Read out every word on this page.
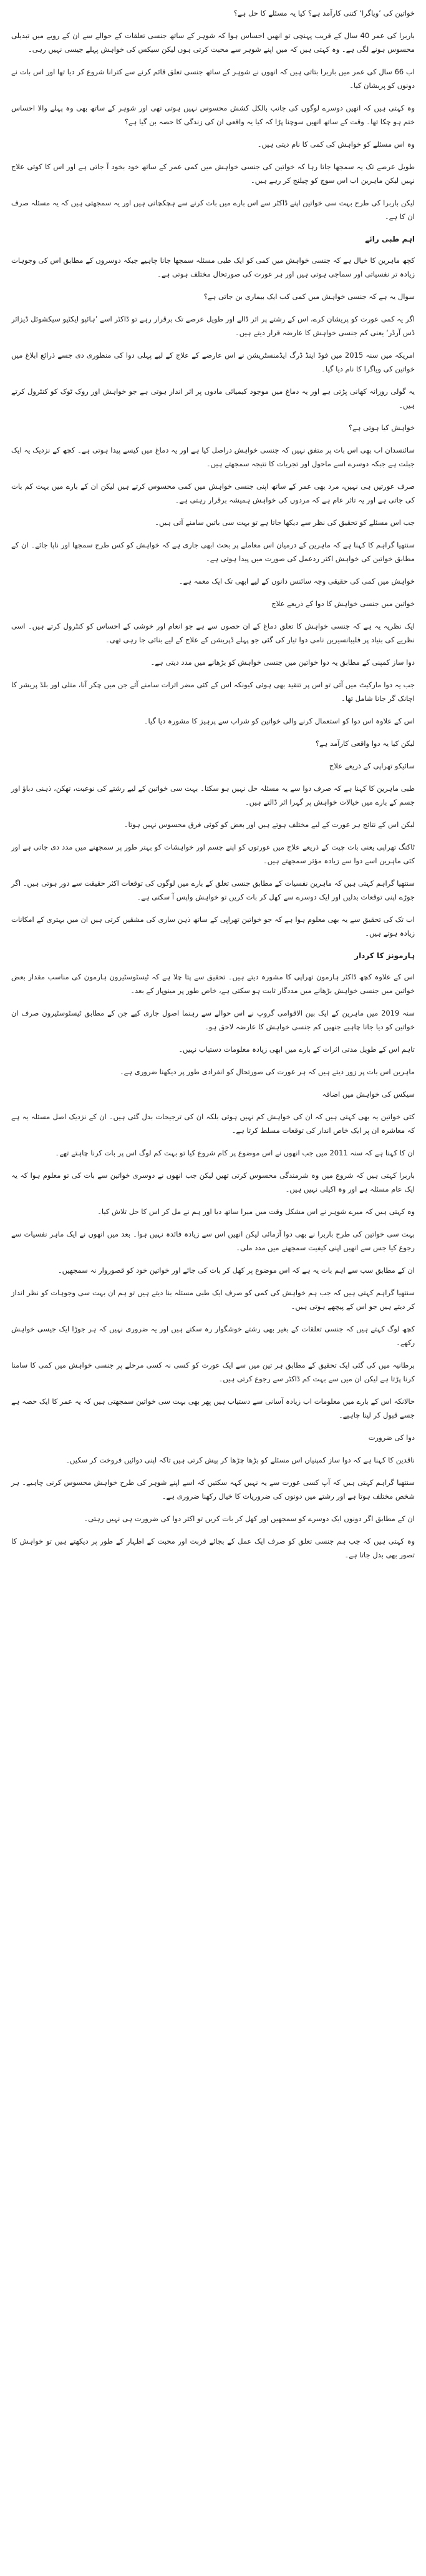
خواتین کی ’ویاگرا‘ کتنی کارآمد ہے؟ کیا یہ مسئلے کا حل ہے؟

باربرا کی عمر 40 سال کے قریب پہنچی تو انھیں احساس ہوا کہ شوہر کے ساتھ جنسی تعلقات کے حوالے سے ان کے رویے میں تبدیلی محسوس ہونے لگی ہے۔ وہ کہتی ہیں کہ میں اپنے شوہر سے محبت کرتی ہوں لیکن سیکس کی خواہش پہلے جیسی نہیں رہی۔

اب 66 سال کی عمر میں باربرا بتاتی ہیں کہ انھوں نے شوہر کے ساتھ جنسی تعلق قائم کرنے سے کترانا شروع کر دیا تھا اور اس بات نے دونوں کو پریشان کیا۔

وہ کہتی ہیں کہ انھیں دوسرے لوگوں کی جانب بالکل کشش محسوس نہیں ہوتی تھی اور شوہر کے ساتھ بھی وہ پہلے والا احساس ختم ہو چکا تھا۔ وقت کے ساتھ انھیں سوچنا پڑا کہ کیا یہ واقعی ان کی زندگی کا حصہ بن گیا ہے؟

وہ اس مسئلے کو خواہش کی کمی کا نام دیتی ہیں۔

طویل عرصے تک یہ سمجھا جاتا رہا کہ خواتین کی جنسی خواہش میں کمی عمر کے ساتھ خود بخود آ جاتی ہے اور اس کا کوئی علاج نہیں لیکن ماہرین اب اس سوچ کو چیلنج کر رہے ہیں۔

لیکن باربرا کی طرح بہت سی خواتین اپنے ڈاکٹر سے اس بارے میں بات کرنے سے ہچکچاتی ہیں اور یہ سمجھتی ہیں کہ یہ مسئلہ صرف ان کا ہے۔

اہم طبی رائے

کچھ ماہرین کا خیال ہے کہ جنسی خواہش میں کمی کو ایک طبی مسئلہ سمجھا جانا چاہیے جبکہ دوسروں کے مطابق اس کی وجوہات زیادہ تر نفسیاتی اور سماجی ہوتی ہیں اور ہر عورت کی صورتحال مختلف ہوتی ہے۔

سوال یہ ہے کہ جنسی خواہش میں کمی کب ایک بیماری بن جاتی ہے؟

اگر یہ کمی عورت کو پریشان کرے، اس کے رشتے پر اثر ڈالے اور طویل عرصے تک برقرار رہے تو ڈاکٹر اسے ’ہائپو ایکٹیو سیکشوئل ڈیزائر ڈس آرڈر‘ یعنی کم جنسی خواہش کا عارضہ قرار دیتے ہیں۔

امریکہ میں سنہ 2015 میں فوڈ اینڈ ڈرگ ایڈمنسٹریشن نے اس عارضے کے علاج کے لیے پہلی دوا کی منظوری دی جسے ذرائع ابلاغ میں خواتین کی ویاگرا کا نام دیا گیا۔

یہ گولی روزانہ کھانی پڑتی ہے اور یہ دماغ میں موجود کیمیائی مادوں پر اثر انداز ہوتی ہے جو خواہش اور روک ٹوک کو کنٹرول کرتے ہیں۔

خواہش کیا ہوتی ہے؟

سائنسدان اب بھی اس بات پر متفق نہیں کہ جنسی خواہش دراصل کیا ہے اور یہ دماغ میں کیسے پیدا ہوتی ہے۔ کچھ کے نزدیک یہ ایک جبلت ہے جبکہ دوسرے اسے ماحول اور تجربات کا نتیجہ سمجھتے ہیں۔

صرف عورتیں ہی نہیں، مرد بھی عمر کے ساتھ اپنی جنسی خواہش میں کمی محسوس کرتے ہیں لیکن ان کے بارے میں بہت کم بات کی جاتی ہے اور یہ تاثر عام ہے کہ مردوں کی خواہش ہمیشہ برقرار رہتی ہے۔

جب اس مسئلے کو تحقیق کی نظر سے دیکھا جاتا ہے تو بہت سی باتیں سامنے آتی ہیں۔

سنتھیا گراہم کا کہنا ہے کہ ماہرین کے درمیان اس معاملے پر بحث ابھی جاری ہے کہ خواہش کو کس طرح سمجھا اور ناپا جائے۔ ان کے مطابق خواتین کی خواہش اکثر ردعمل کی صورت میں پیدا ہوتی ہے۔

خواہش میں کمی کی حقیقی وجہ سائنس دانوں کے لیے ابھی تک ایک معمہ ہے۔

خواتین میں جنسی خواہش کا دوا کے ذریعے علاج

ایک نظریہ یہ ہے کہ جنسی خواہش کا تعلق دماغ کے ان حصوں سے ہے جو انعام اور خوشی کے احساس کو کنٹرول کرتے ہیں۔ اسی نظریے کی بنیاد پر فلیبانسیرین نامی دوا تیار کی گئی جو پہلے ڈپریشن کے علاج کے لیے بنائی جا رہی تھی۔

دوا ساز کمپنی کے مطابق یہ دوا خواتین میں جنسی خواہش کو بڑھانے میں مدد دیتی ہے۔

جب یہ دوا مارکیٹ میں آئی تو اس پر تنقید بھی ہوئی کیونکہ اس کے کئی مضر اثرات سامنے آئے جن میں چکر آنا، متلی اور بلڈ پریشر کا اچانک گر جانا شامل تھا۔

اس کے علاوہ اس دوا کو استعمال کرنے والی خواتین کو شراب سے پرہیز کا مشورہ دیا گیا۔

لیکن کیا یہ دوا واقعی کارآمد ہے؟

سائیکو تھراپی کے ذریعے علاج

طبی ماہرین کا کہنا ہے کہ صرف دوا سے یہ مسئلہ حل نہیں ہو سکتا۔ بہت سی خواتین کے لیے رشتے کی نوعیت، تھکن، ذہنی دباؤ اور جسم کے بارے میں خیالات خواہش پر گہرا اثر ڈالتے ہیں۔

لیکن اس کے نتائج ہر عورت کے لیے مختلف ہوتے ہیں اور بعض کو کوئی فرق محسوس نہیں ہوتا۔

ٹاکنگ تھراپی یعنی بات چیت کے ذریعے علاج میں عورتوں کو اپنے جسم اور خواہشات کو بہتر طور پر سمجھنے میں مدد دی جاتی ہے اور کئی ماہرین اسے دوا سے زیادہ مؤثر سمجھتے ہیں۔

سنتھیا گراہم کہتی ہیں کہ ماہرین نفسیات کے مطابق جنسی تعلق کے بارے میں لوگوں کی توقعات اکثر حقیقت سے دور ہوتی ہیں۔ اگر جوڑے اپنی توقعات بدلیں اور ایک دوسرے سے کھل کر بات کریں تو خواہش واپس آ سکتی ہے۔

اب تک کی تحقیق سے یہ بھی معلوم ہوا ہے کہ جو خواتین تھراپی کے ساتھ ذہن سازی کی مشقیں کرتی ہیں ان میں بہتری کے امکانات زیادہ ہوتے ہیں۔

ہارمونز کا کردار

اس کے علاوہ کچھ ڈاکٹر ہارمون تھراپی کا مشورہ دیتے ہیں۔ تحقیق سے پتا چلا ہے کہ ٹیسٹوسٹیرون ہارمون کی مناسب مقدار بعض خواتین میں جنسی خواہش بڑھانے میں مددگار ثابت ہو سکتی ہے، خاص طور پر مینوپاز کے بعد۔

سنہ 2019 میں ماہرین کے ایک بین الاقوامی گروپ نے اس حوالے سے رہنما اصول جاری کیے جن کے مطابق ٹیسٹوسٹیرون صرف ان خواتین کو دیا جانا چاہیے جنھیں کم جنسی خواہش کا عارضہ لاحق ہو۔

تاہم اس کے طویل مدتی اثرات کے بارے میں ابھی زیادہ معلومات دستیاب نہیں۔

ماہرین اس بات پر زور دیتے ہیں کہ ہر عورت کی صورتحال کو انفرادی طور پر دیکھنا ضروری ہے۔

سیکس کی خواہش میں اضافہ

کئی خواتین یہ بھی کہتی ہیں کہ ان کی خواہش کم نہیں ہوئی بلکہ ان کی ترجیحات بدل گئی ہیں۔ ان کے نزدیک اصل مسئلہ یہ ہے کہ معاشرہ ان پر ایک خاص انداز کی توقعات مسلط کرتا ہے۔

ان کا کہنا ہے کہ سنہ 2011 میں جب انھوں نے اس موضوع پر کام شروع کیا تو بہت کم لوگ اس پر بات کرنا چاہتے تھے۔

باربرا کہتی ہیں کہ شروع میں وہ شرمندگی محسوس کرتی تھیں لیکن جب انھوں نے دوسری خواتین سے بات کی تو معلوم ہوا کہ یہ ایک عام مسئلہ ہے اور وہ اکیلی نہیں ہیں۔

وہ کہتی ہیں کہ میرے شوہر نے اس مشکل وقت میں میرا ساتھ دیا اور ہم نے مل کر اس کا حل تلاش کیا۔

بہت سی خواتین کی طرح باربرا نے بھی دوا آزمائی لیکن انھیں اس سے زیادہ فائدہ نہیں ہوا۔ بعد میں انھوں نے ایک ماہر نفسیات سے رجوع کیا جس سے انھیں اپنی کیفیت سمجھنے میں مدد ملی۔

ان کے مطابق سب سے اہم بات یہ ہے کہ اس موضوع پر کھل کر بات کی جائے اور خواتین خود کو قصوروار نہ سمجھیں۔

سنتھیا گراہم کہتی ہیں کہ جب ہم خواہش کی کمی کو صرف ایک طبی مسئلہ بنا دیتے ہیں تو ہم ان بہت سی وجوہات کو نظر انداز کر دیتے ہیں جو اس کے پیچھے ہوتی ہیں۔

کچھ لوگ کہتے ہیں کہ جنسی تعلقات کے بغیر بھی رشتے خوشگوار رہ سکتے ہیں اور یہ ضروری نہیں کہ ہر جوڑا ایک جیسی خواہش رکھے۔

برطانیہ میں کی گئی ایک تحقیق کے مطابق ہر تین میں سے ایک عورت کو کسی نہ کسی مرحلے پر جنسی خواہش میں کمی کا سامنا کرنا پڑتا ہے لیکن ان میں سے بہت کم ڈاکٹر سے رجوع کرتی ہیں۔

حالانکہ اس کے بارے میں معلومات اب زیادہ آسانی سے دستیاب ہیں پھر بھی بہت سی خواتین سمجھتی ہیں کہ یہ عمر کا ایک حصہ ہے جسے قبول کر لینا چاہیے۔

دوا کی ضرورت

ناقدین کا کہنا ہے کہ دوا ساز کمپنیاں اس مسئلے کو بڑھا چڑھا کر پیش کرتی ہیں تاکہ اپنی دوائیں فروخت کر سکیں۔

سنتھیا گراہم کہتی ہیں کہ آپ کسی عورت سے یہ نہیں کہہ سکتیں کہ اسے اپنے شوہر کی طرح خواہش محسوس کرنی چاہیے۔ ہر شخص مختلف ہوتا ہے اور رشتے میں دونوں کی ضروریات کا خیال رکھنا ضروری ہے۔

ان کے مطابق اگر دونوں ایک دوسرے کو سمجھیں اور کھل کر بات کریں تو اکثر دوا کی ضرورت ہی نہیں رہتی۔

وہ کہتی ہیں کہ جب ہم جنسی تعلق کو صرف ایک عمل کے بجائے قربت اور محبت کے اظہار کے طور پر دیکھتے ہیں تو خواہش کا تصور بھی بدل جاتا ہے۔
